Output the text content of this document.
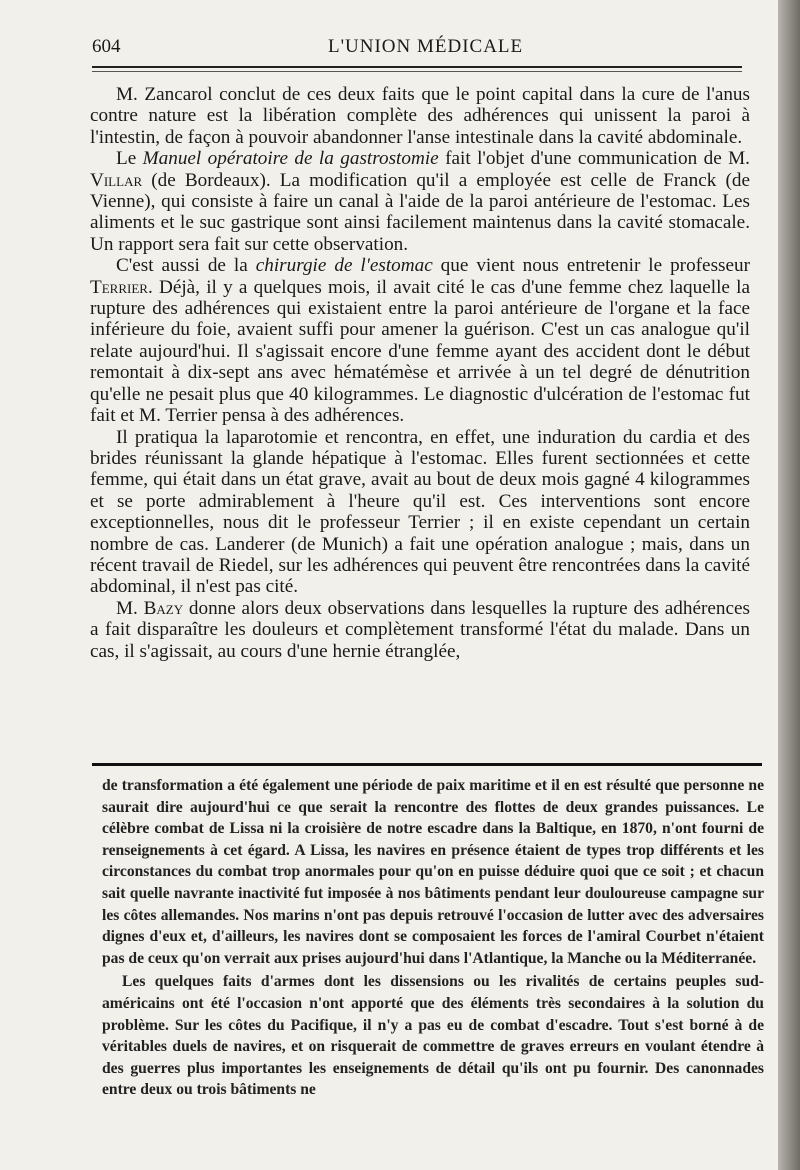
604	L'UNION MÉDICALE

M. Zancarol conclut de ces deux faits que le point capital dans la cure de l'anus contre nature est la libération complète des adhérences qui unissent la paroi à l'intestin, de façon à pouvoir abandonner l'anse intestinale dans la cavité abdominale.

Le Manuel opératoire de la gastrostomie fait l'objet d'une communication de M. Villar (de Bordeaux). La modification qu'il a employée est celle de Franck (de Vienne), qui consiste à faire un canal à l'aide de la paroi antérieure de l'estomac. Les aliments et le suc gastrique sont ainsi facilement maintenus dans la cavité stomacale. Un rapport sera fait sur cette observation.

C'est aussi de la chirurgie de l'estomac que vient nous entretenir le professeur Terrier. Déjà, il y a quelques mois, il avait cité le cas d'une femme chez laquelle la rupture des adhérences qui existaient entre la paroi antérieure de l'organe et la face inférieure du foie, avaient suffi pour amener la guérison. C'est un cas analogue qu'il relate aujourd'hui. Il s'agissait encore d'une femme ayant des accident dont le début remontait à dix-sept ans avec hématémèse et arrivée à un tel degré de dénutrition qu'elle ne pesait plus que 40 kilogrammes. Le diagnostic d'ulcération de l'estomac fut fait et M. Terrier pensa à des adhérences.

Il pratiqua la laparotomie et rencontra, en effet, une induration du cardia et des brides réunissant la glande hépatique à l'estomac. Elles furent sectionnées et cette femme, qui était dans un état grave, avait au bout de deux mois gagné 4 kilogrammes et se porte admirablement à l'heure qu'il est. Ces interventions sont encore exceptionnelles, nous dit le professeur Terrier ; il en existe cependant un certain nombre de cas. Landerer (de Munich) a fait une opération analogue ; mais, dans un récent travail de Riedel, sur les adhérences qui peuvent être rencontrées dans la cavité abdominal, il n'est pas cité.

M. Bazy donne alors deux observations dans lesquelles la rupture des adhérences a fait disparaître les douleurs et complètement transformé l'état du malade. Dans un cas, il s'agissait, au cours d'une hernie étranglée,

de transformation a été également une période de paix maritime et il en est résulté que personne ne saurait dire aujourd'hui ce que serait la rencontre des flottes de deux grandes puissances. Le célèbre combat de Lissa ni la croisière de notre escadre dans la Baltique, en 1870, n'ont fourni de renseignements à cet égard. A Lissa, les navires en présence étaient de types trop différents et les circonstances du combat trop anormales pour qu'on en puisse déduire quoi que ce soit ; et chacun sait quelle navrante inactivité fut imposée à nos bâtiments pendant leur douloureuse campagne sur les côtes allemandes. Nos marins n'ont pas depuis retrouvé l'occasion de lutter avec des adversaires dignes d'eux et, d'ailleurs, les navires dont se composaient les forces de l'amiral Courbet n'étaient pas de ceux qu'on verrait aux prises aujourd'hui dans l'Atlantique, la Manche ou la Méditerranée.

Les quelques faits d'armes dont les dissensions ou les rivalités de certains peuples sud-américains ont été l'occasion n'ont apporté que des éléments très secondaires à la solution du problème. Sur les côtes du Pacifique, il n'y a pas eu de combat d'escadre. Tout s'est borné à de véritables duels de navires, et on risquerait de commettre de graves erreurs en voulant étendre à des guerres plus importantes les enseignements de détail qu'ils ont pu fournir. Des canonnades entre deux ou trois bâtiments ne
